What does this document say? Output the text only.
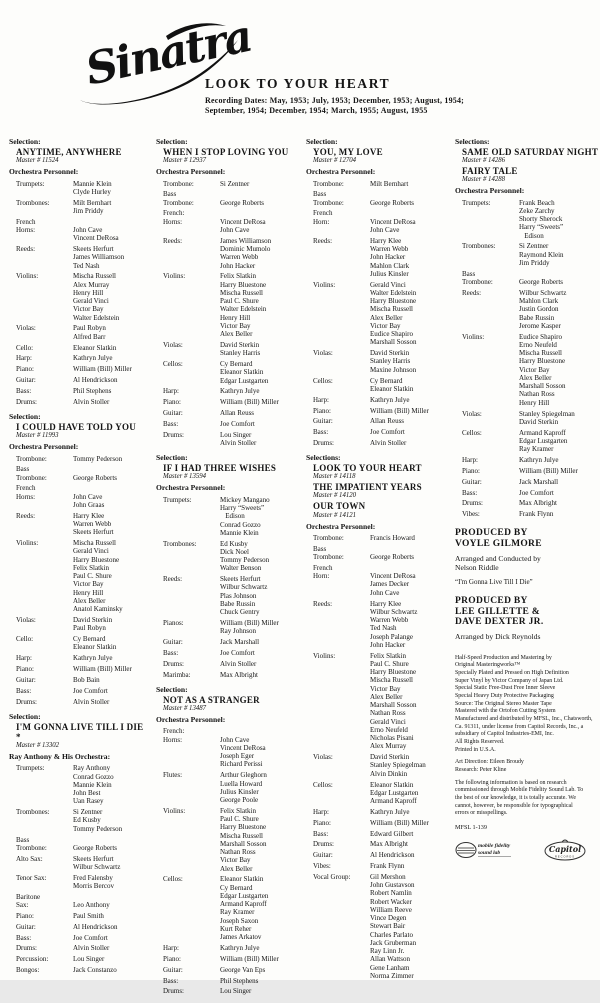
Sinatra
LOOK TO YOUR HEART
Recording Dates: May, 1953; July, 1953; December, 1953; August, 1954;
September, 1954; December, 1954; March, 1955; August, 1955
Selection:
ANYTIME, ANYWHERE
Master # 11524
Orchestra Personnel:
Trumpets:	Mannie Klein
Clyde Hurley
Trombones:	Milt Bernhart
Jim Priddy
French
Horns:	John Cave
Vincent DeRosa
Reeds:	Skeets Herfurt
James Williamson
Ted Nash
Violins:	Mischa Russell
Alex Murray
Henry Hill
Gerald Vinci
Victor Bay
Walter Edelstein
Violas:	Paul Robyn
Alfred Barr
Cello:	Eleanor Slatkin
Harp:	Kathryn Julye
Piano:	William (Bill) Miller
Guitar:	Al Hendrickson
Bass:	Phil Stephens
Drums:	Alvin Stoller
Selection:
I COULD HAVE TOLD YOU
Master # 11993
Orchestra Personnel:
Trombone:	Tommy Pederson
Bass
Trombone:	George Roberts
French
Horns:	John Cave
John Graas
Reeds:	Harry Klee
Warren Webb
Skeets Herfurt
Violins:	Mischa Russell
Gerald Vinci
Harry Bluestone
Felix Slatkin
Paul C. Shure
Victor Bay
Henry Hill
Alex Beller
Anatol Kaminsky
Violas:	David Sterkin
Paul Robyn
Cello:	Cy Bernard
Eleanor Slatkin
Harp:	Kathryn Julye
Piano:	William (Bill) Miller
Guitar:	Bob Bain
Bass:	Joe Comfort
Drums:	Alvin Stoller
Selection:
I'M GONNA LIVE TILL I DIE *
Master # 13302
Ray Anthony & His Orchestra:
Trumpets:	Ray Anthony
Conrad Gozzo
Mannie Klein
John Best
Uan Rasey
Trombones:	Si Zentner
Ed Kusby
Tommy Pederson
Bass
Trombone:	George Roberts
Alto Sax:	Skeets Herfurt
Wilbur Schwartz
Tenor Sax:	Fred Falensby
Morris Bercov
Baritone
Sax:	Leo Anthony
Piano:	Paul Smith
Guitar:	Al Hendrickson
Bass:	Joe Comfort
Drums:	Alvin Stoller
Percussion:	Lou Singer
Bongos:	Jack Constanzo
Selection:
WHEN I STOP LOVING YOU
Master # 12937
Orchestra Personnel:
Trombone:	Si Zentner
Bass
Trombone:	George Roberts
French:
Horns:	Vincent DeRosa
John Cave
Reeds:	James Williamson
Dominic Mumolo
Warren Webb
John Hacker
Violins:	Felix Slatkin
Harry Bluestone
Mischa Russell
Paul C. Shure
Walter Edelstein
Henry Hill
Victor Bay
Alex Beller
Violas:	David Sterkin
Stanley Harris
Cellos:	Cy Bernard
Eleanor Slatkin
Edgar Lustgarten
Harp:	Kathryn Julye
Piano:	William (Bill) Miller
Guitar:	Allan Reuss
Bass:	Joe Comfort
Drums:	Lou Singer
Alvin Stoller
Selection:
IF I HAD THREE WISHES
Master # 13594
Orchestra Personnel:
Trumpets:	Mickey Mangano
Harry “Sweets”
Edison
Conrad Gozzo
Mannie Klein
Trombones:	Ed Kusby
Dick Noel
Tommy Pederson
Walter Benson
Reeds:	Skeets Herfurt
Wilbur Schwartz
Plas Johnson
Babe Russin
Chuck Gentry
Pianos:	William (Bill) Miller
Ray Johnson
Guitar:	Jack Marshall
Bass:	Joe Comfort
Drums:	Alvin Stoller
Marimba:	Max Albright
Selection:
NOT AS A STRANGER
Master # 13487
Orchestra Personnel:
French:
Horns:	John Cave
Vincent DeRosa
Joseph Eger
Richard Perissi
Flutes:	Arthur Gleghorn
Luella Howard
Julius Kinsler
George Poole
Violins:	Felix Slatkin
Paul C. Shure
Harry Bluestone
Mischa Russell
Marshall Sosson
Nathan Ross
Victor Bay
Alex Beller
Cellos:	Eleanor Slatkin
Cy Bernard
Edgar Lustgarten
Armand Kaproff
Ray Kramer
Joseph Saxon
Kurt Reher
James Arkatov
Harp:	Kathryn Julye
Piano:	William (Bill) Miller
Guitar:	George Van Eps
Bass:	Phil Stephens
Drums:	Lou Singer
Selection:
YOU, MY LOVE
Master # 12704
Orchestra Personnel:
Trombone:	Milt Bernhart
Bass
Trombone:	George Roberts
French
Horn:	Vincent DeRosa
John Cave
Reeds:	Harry Klee
Warren Webb
John Hacker
Mahlon Clark
Julius Kinsler
Violins:	Gerald Vinci
Walter Edelstein
Harry Bluestone
Mischa Russell
Alex Beller
Victor Bay
Eudice Shapiro
Marshall Sosson
Violas:	David Sterkin
Stanley Harris
Maxine Johnson
Cellos:	Cy Bernard
Eleanor Slatkin
Harp:	Kathryn Julye
Piano:	William (Bill) Miller
Guitar:	Allan Reuss
Bass:	Joe Comfort
Drums:	Alvin Stoller
Selections:
LOOK TO YOUR HEART
Master # 14118
THE IMPATIENT YEARS
Master # 14120
OUR TOWN
Master # 14121
Orchestra Personnel:
Trombone:	Francis Howard
Bass
Trombone:	George Roberts
French
Horn:	Vincent DeRosa
James Decker
John Cave
Reeds:	Harry Klee
Wilbur Schwartz
Warren Webb
Ted Nash
Joseph Palange
John Hacker
Violins:	Felix Slatkin
Paul C. Shure
Harry Bluestone
Mischa Russell
Victor Bay
Alex Beller
Marshall Sosson
Nathan Ross
Gerald Vinci
Erno Neufeld
Nicholas Pisani
Alex Murray
Violas:	David Sterkin
Stanley Spiegelman
Alvin Dinkin
Cellos:	Eleanor Slatkin
Edgar Lustgarten
Armand Kaproff
Harp:	Kathryn Julye
Piano:	William (Bill) Miller
Bass:	Edward Gilbert
Drums:	Max Albright
Guitar:	Al Hendrickson
Vibes:	Frank Flynn
Vocal Group:	Gil Mershon
John Gustavson
Robert Namlin
Robert Wacker
William Reeve
Vince Degen
Stewart Bair
Charles Parlato
Jack Gruberman
Ray Linn Jr.
Allan Wattson
Gene Lanham
Norma Zimmer
Selections:
SAME OLD SATURDAY NIGHT
Master # 14286
FAIRY TALE
Master # 14288
Orchestra Personnel:
Trumpets:	Frank Beach
Zeke Zarchy
Shorty Sherock
Harry “Sweets”
Edison
Trombones:	Si Zentner
Raymond Klein
Jim Priddy
Bass
Trombone:	George Roberts
Reeds:	Wilbur Schwartz
Mahlon Clark
Justin Gordon
Babe Russin
Jerome Kasper
Violins:	Eudice Shapiro
Erno Neufeld
Mischa Russell
Harry Bluestone
Victor Bay
Alex Beller
Marshall Sosson
Nathan Ross
Henry Hill
Violas:	Stanley Spiegelman
David Sterkin
Cellos:	Armand Kaproff
Edgar Lustgarten
Ray Kramer
Harp:	Kathryn Julye
Piano:	William (Bill) Miller
Guitar:	Jack Marshall
Bass:	Joe Comfort
Drums:	Max Albright
Vibes:	Frank Flynn
PRODUCED BY
VOYLE GILMORE
Arranged and Conducted by
Nelson Riddle
“I'm Gonna Live Till I Die”
PRODUCED BY
LEE GILLETTE &
DAVE DEXTER JR.
Arranged by Dick Reynolds
Half-Speed Production and Mastering by
Original Masteringworks™
Specially Plated and Pressed on High Definition
Super Vinyl by Victor Company of Japan Ltd.
Special Static Free-Dust Free Inner Sleeve
Special Heavy Duty Protective Packaging
Source: The Original Stereo Master Tape
Mastered with the Ortofon Cutting System
Manufactured and distributed by MFSL, Inc., Chatsworth, Ca. 91311, under license from Capitol Records, Inc., a subsidiary of Capitol Industries-EMI, Inc.
All Rights Reserved.
Printed in U.S.A.
Art Direction: Eileen Broudy
Research: Peter Kline
The following information is based on research commissioned through Mobile Fidelity Sound Lab. To the best of our knowledge, it is totally accurate. We cannot, however, be responsible for typographical errors or misspellings.
MFSL 1-139
mobile fidelity
sound lab	Capitol
RECORDS
